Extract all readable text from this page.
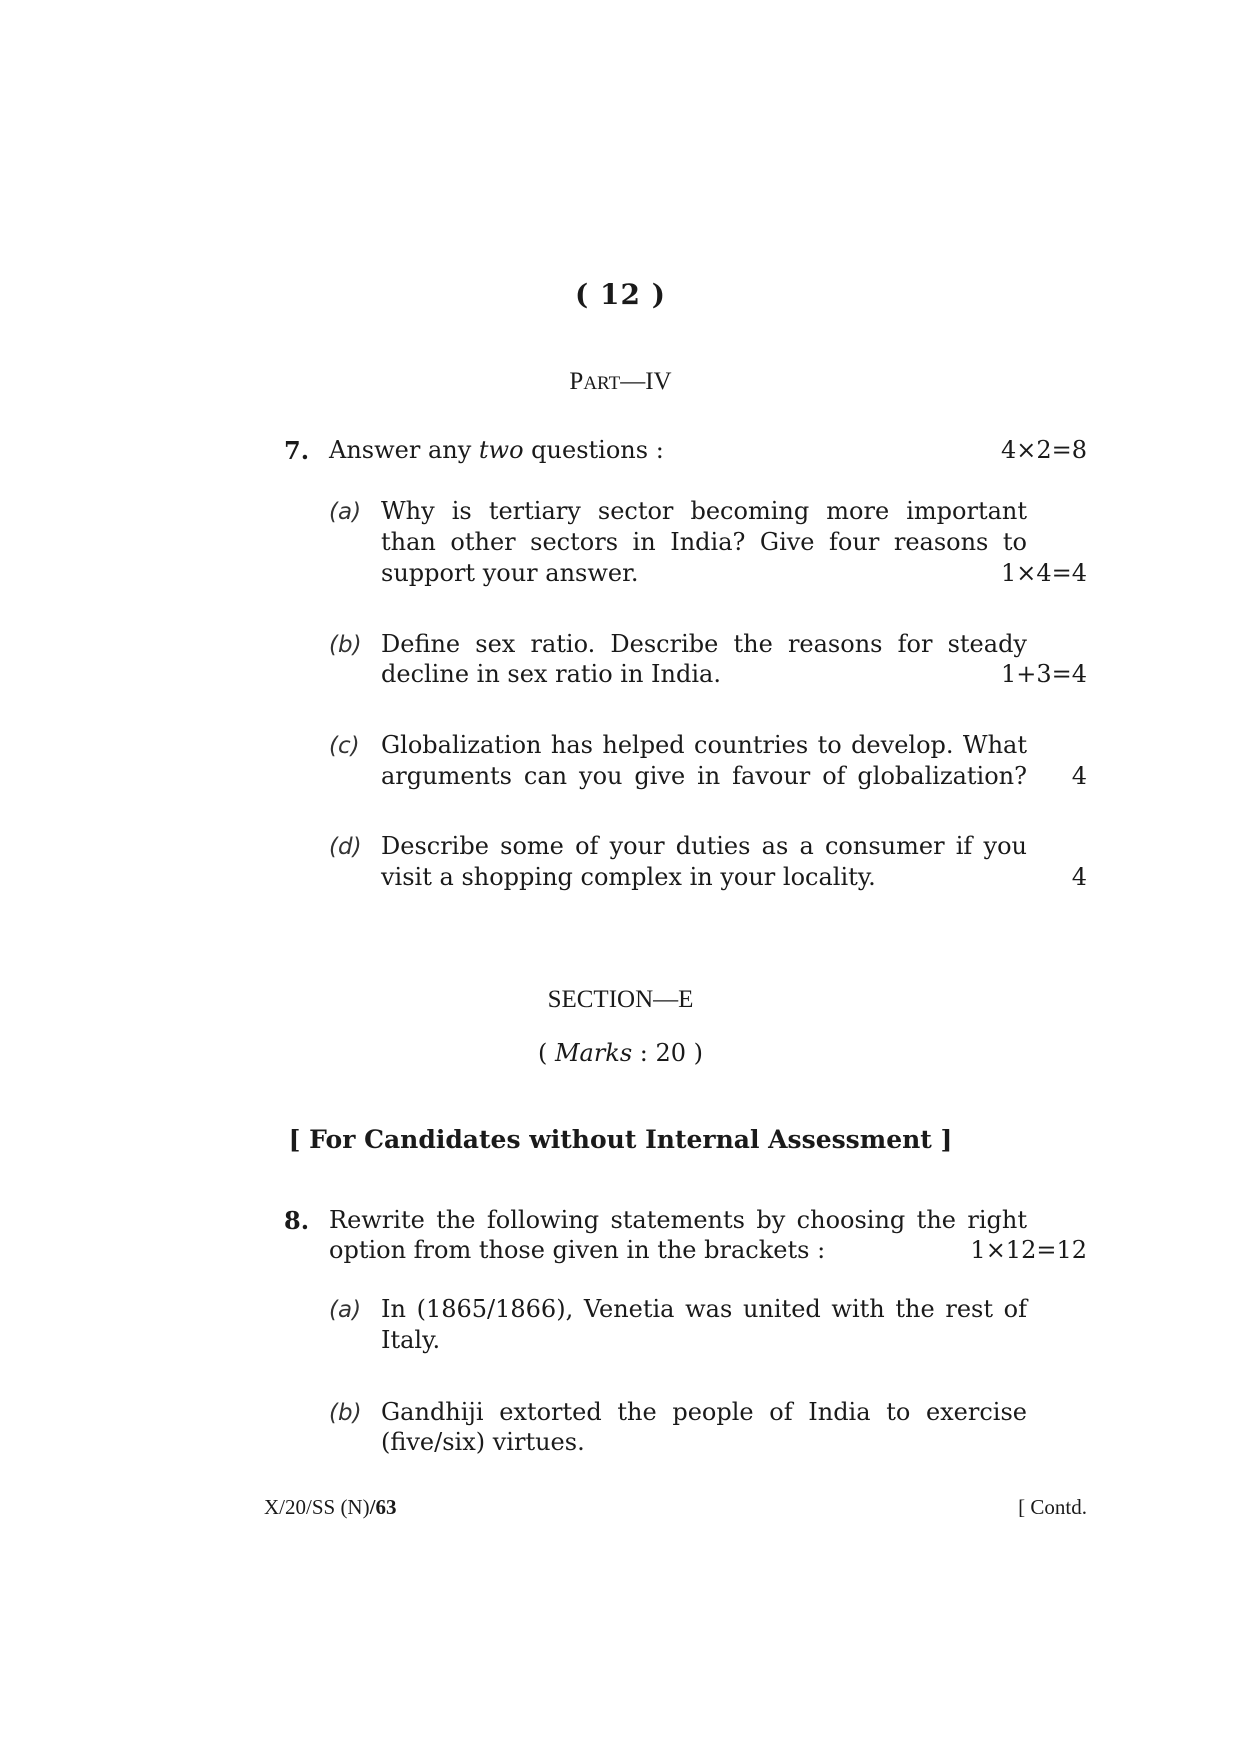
( 12 )
PART—IV
7. Answer any two questions :	4×2=8
(a) Why is tertiary sector becoming more important
than other sectors in India? Give four reasons to
support your answer.	1×4=4
(b) Define sex ratio. Describe the reasons for steady
decline in sex ratio in India.	1+3=4
(c) Globalization has helped countries to develop. What
arguments can you give in favour of globalization? 4
(d) Describe some of your duties as a consumer if you
visit a shopping complex in your locality.	4
SECTION—E
( Marks : 20 )
[ For Candidates without Internal Assessment ]
8. Rewrite the following statements by choosing the right
option from those given in the brackets :	1×12=12
(a) In (1865/1866), Venetia was united with the rest of
Italy.
(b) Gandhiji extorted the people of India to exercise
(five/six) virtues.
X/20/SS (N)/63	[ Contd.
